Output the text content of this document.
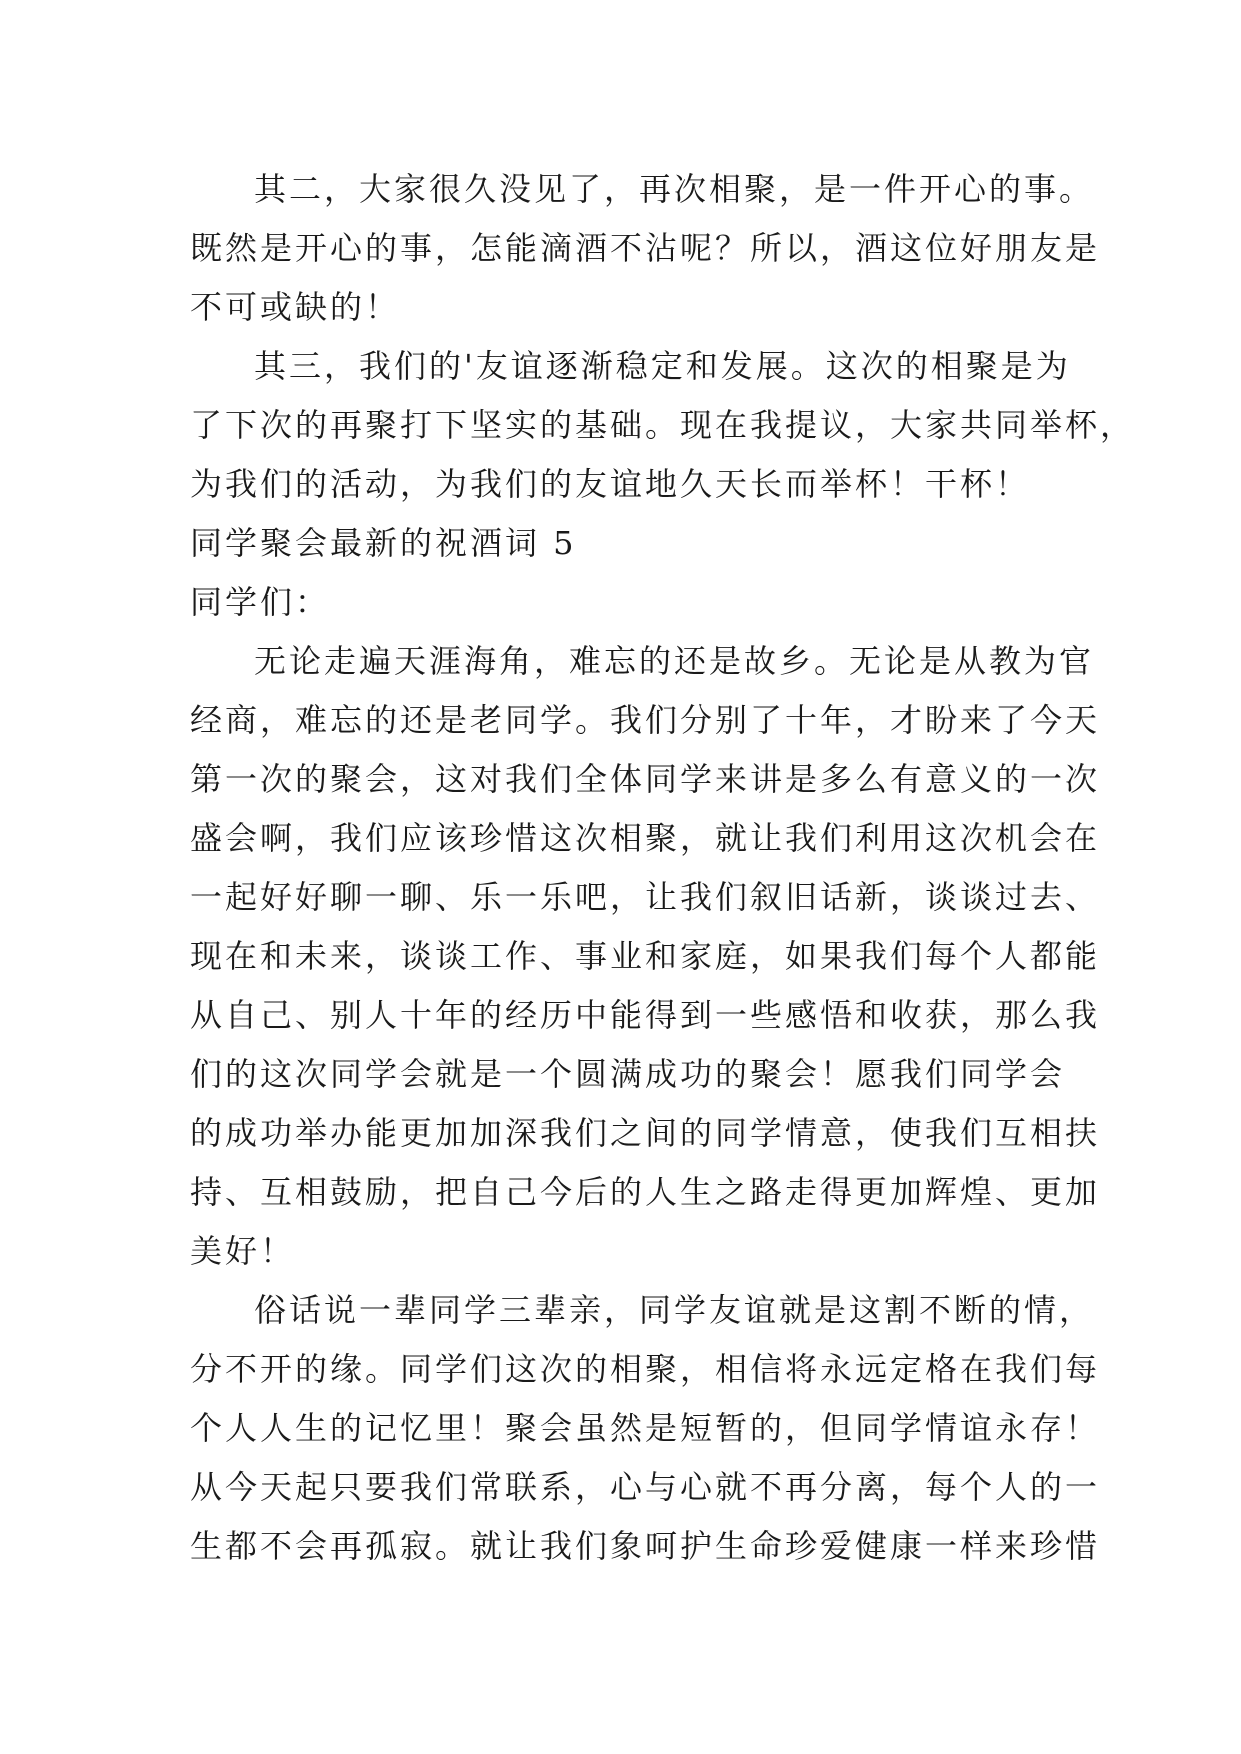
其二，大家很久没见了，再次相聚，是一件开心的事。
既然是开心的事，怎能滴酒不沾呢？所以，酒这位好朋友是
不可或缺的！
其三，我们的'友谊逐渐稳定和发展。这次的相聚是为
了下次的再聚打下坚实的基础。现在我提议，大家共同举杯，
为我们的活动，为我们的友谊地久天长而举杯！干杯！
同学聚会最新的祝酒词 5
同学们：
无论走遍天涯海角，难忘的还是故乡。无论是从教为官
经商，难忘的还是老同学。我们分别了十年，才盼来了今天
第一次的聚会，这对我们全体同学来讲是多么有意义的一次
盛会啊，我们应该珍惜这次相聚，就让我们利用这次机会在
一起好好聊一聊、乐一乐吧，让我们叙旧话新，谈谈过去、
现在和未来，谈谈工作、事业和家庭，如果我们每个人都能
从自己、别人十年的经历中能得到一些感悟和收获，那么我
们的这次同学会就是一个圆满成功的聚会！愿我们同学会
的成功举办能更加加深我们之间的同学情意，使我们互相扶
持、互相鼓励，把自己今后的人生之路走得更加辉煌、更加
美好！
俗话说一辈同学三辈亲，同学友谊就是这割不断的情，
分不开的缘。同学们这次的相聚，相信将永远定格在我们每
个人人生的记忆里！聚会虽然是短暂的，但同学情谊永存！
从今天起只要我们常联系，心与心就不再分离，每个人的一
生都不会再孤寂。就让我们象呵护生命珍爱健康一样来珍惜
